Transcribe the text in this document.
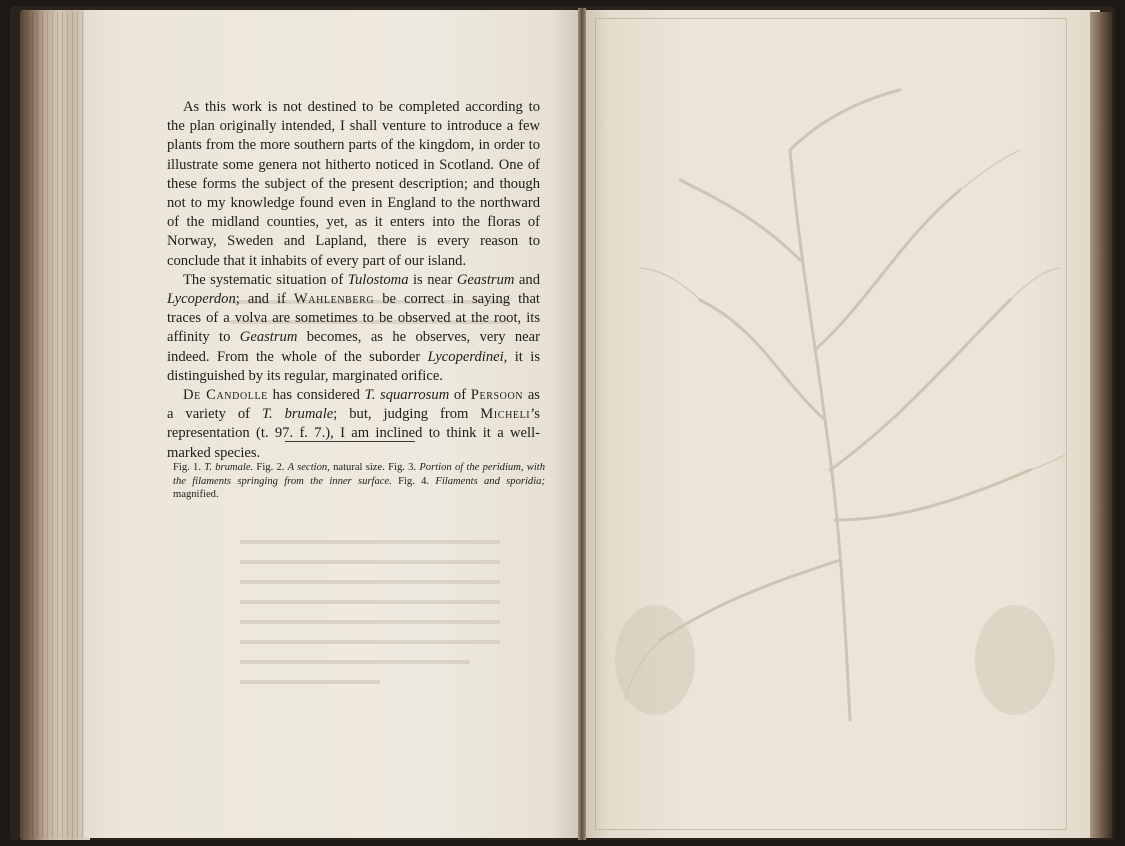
As this work is not destined to be completed according to the plan originally intended, I shall venture to introduce a few plants from the more southern parts of the kingdom, in order to illustrate some genera not hitherto noticed in Scotland. One of these forms the subject of the present description; and though not to my knowledge found even in England to the northward of the midland counties, yet, as it enters into the floras of Norway, Sweden and Lapland, there is every reason to conclude that it inhabits of every part of our island.

The systematic situation of Tulostoma is near Geastrum and Lycoperdon; and if Wahlenberg be correct in saying that traces of a volva are sometimes to be observed at the root, its affinity to Geastrum becomes, as he observes, very near indeed. From the whole of the suborder Lycoperdinei, it is distinguished by its regular, marginated orifice.

De Candolle has considered T. squarrosum of Persoon as a variety of T. brumale; but, judging from Micheli’s representation (t. 97. f. 7.), I am inclined to think it a well-marked species.

Fig. 1. T. brumale. Fig. 2. A section, natural size. Fig. 3. Portion of the peridium, with the filaments springing from the inner surface. Fig. 4. Filaments and sporidia; magnified.
